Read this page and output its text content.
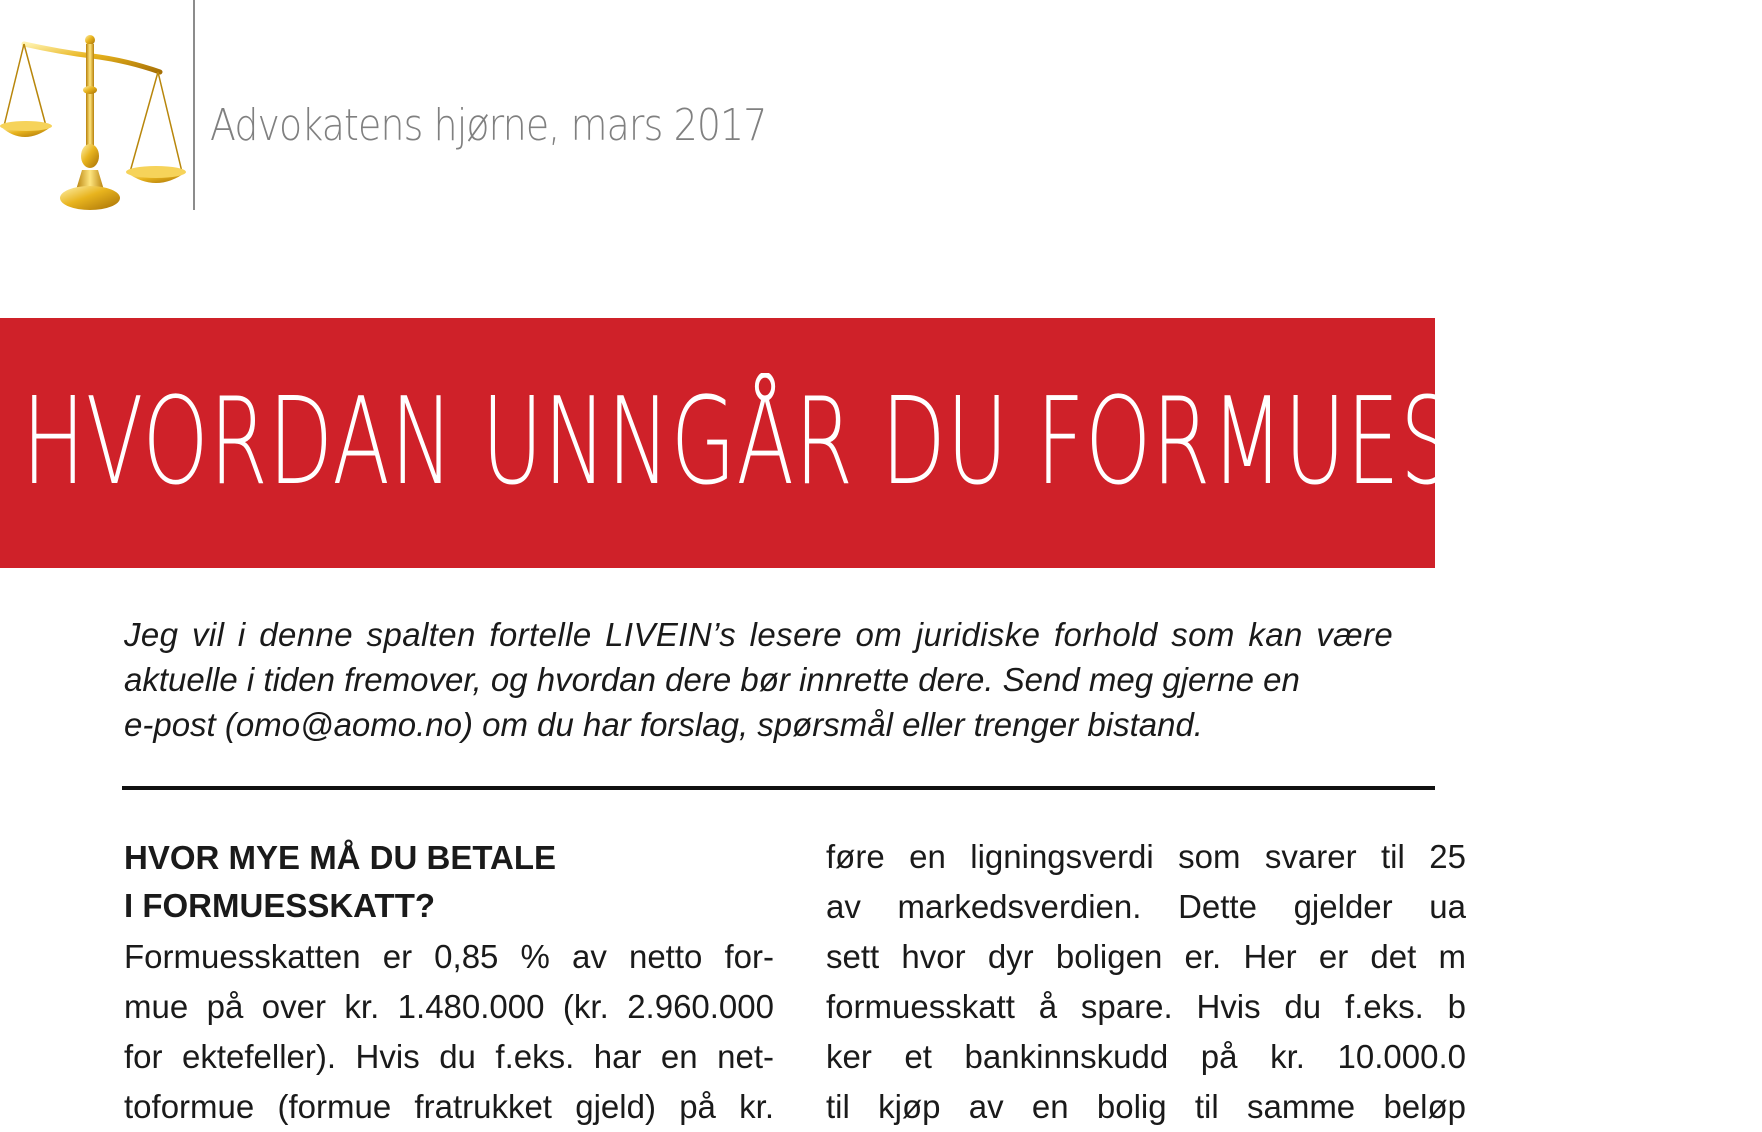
Advokatens hjørne, mars 2017
HVORDAN UNNGÅR DU FORMUESSKATT?
Jeg vil i denne spalten fortelle LIVEIN’s lesere om juridiske forhold som kan være
aktuelle i tiden fremover, og hvordan dere bør innrette dere. Send meg gjerne en
e-post (omo@aomo.no) om du har forslag, spørsmål eller trenger bistand.
HVOR MYE MÅ DU BETALE
I FORMUESSKATT?
Formuesskatten er 0,85 % av netto for-
mue på over kr. 1.480.000 (kr. 2.960.000
for ektefeller). Hvis du f.eks. har en net-
toformue (formue fratrukket gjeld) på kr.
føre en ligningsverdi som svarer til 25
av markedsverdien. Dette gjelder ua
sett hvor dyr boligen er. Her er det m
formuesskatt å spare. Hvis du f.eks. b
ker et bankinnskudd på kr. 10.000.0
til kjøp av en bolig til samme beløp
